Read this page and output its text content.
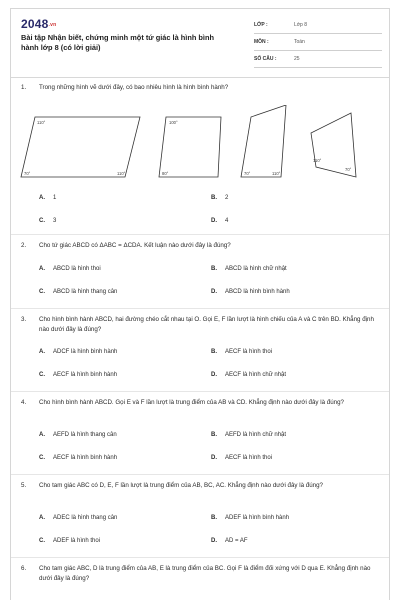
2048.vn
Bài tập Nhận biết, chứng minh một tứ giác là hình bình hành lớp 8 (có lời giải)
LỚP :	Lớp 8
MÔN :	Toán
SỐ CÂU :	25
1. Trong những hình vẽ dưới đây, có bao nhiêu hình là hình bình hành?
110°
70°	110°
100°
80°	70°	110°
110°
70°
A. 1	B. 2
C. 3	D. 4
2. Cho tứ giác ABCD có ΔABC = ΔCDA. Kết luận nào dưới đây là đúng?
A. ABCD là hình thoi	B. ABCD là hình chữ nhật
C. ABCD là hình thang cân	D. ABCD là hình bình hành
3. Cho hình bình hành ABCD, hai đường chéo cắt nhau tại O. Gọi E, F lần lượt là hình chiếu của A và C trên BD. Khẳng định nào dưới đây là đúng?
A. ADCF là hình bình hành	B. AECF là hình thoi
C. AECF là hình bình hành	D. AECF là hình chữ nhật
4. Cho hình bình hành ABCD. Gọi E và F lần lượt là trung điểm của AB và CD. Khẳng định nào dưới đây là đúng?
A. AEFD là hình thang cân	B. AEFD là hình chữ nhật
C. AECF là hình bình hành	D. AECF là hình thoi
5. Cho tam giác ABC có D, E, F lần lượt là trung điểm của AB, BC, AC. Khẳng định nào dưới đây là đúng?
A. ADEC là hình thang cân	B. ADEF là hình bình hành
C. ADEF là hình thoi	D. AD = AF
6. Cho tam giác ABC, D là trung điểm của AB, E là trung điểm của BC. Gọi F là điểm đối xứng với D qua E. Khẳng định nào dưới đây là đúng?
